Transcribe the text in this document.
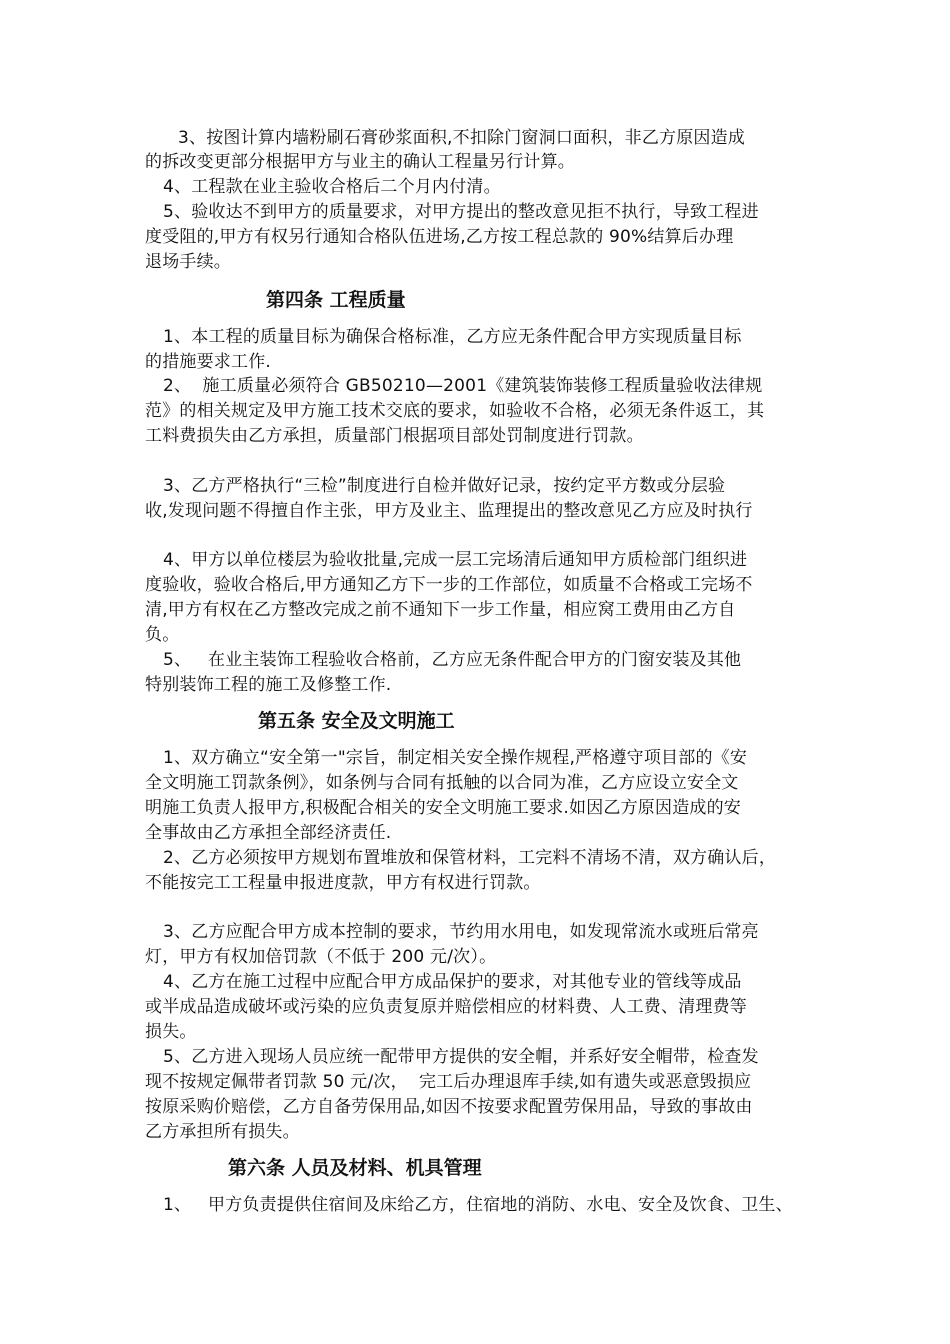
3、按图计算内墙粉刷石膏砂浆面积,不扣除门窗洞口面积，非乙方原因造成

的拆改变更部分根据甲方与业主的确认工程量另行计算。

4、工程款在业主验收合格后二个月内付清。

5、验收达不到甲方的质量要求，对甲方提出的整改意见拒不执行，导致工程进

度受阻的,甲方有权另行通知合格队伍进场,乙方按工程总款的 90%结算后办理

退场手续。

第四条 工程质量

1、本工程的质量目标为确保合格标准，乙方应无条件配合甲方实现质量目标

的措施要求工作.

2、  施工质量必须符合 GB50210—2001《建筑装饰装修工程质量验收法律规

范》的相关规定及甲方施工技术交底的要求，如验收不合格，必须无条件返工，其

工料费损失由乙方承担，质量部门根据项目部处罚制度进行罚款。

3、乙方严格执行“三检”制度进行自检并做好记录，按约定平方数或分层验

收,发现问题不得擅自作主张，甲方及业主、监理提出的整改意见乙方应及时执行

4、甲方以单位楼层为验收批量,完成一层工完场清后通知甲方质检部门组织进

度验收，验收合格后,甲方通知乙方下一步的工作部位，如质量不合格或工完场不

清,甲方有权在乙方整改完成之前不通知下一步工作量，相应窝工费用由乙方自

负。

5、   在业主装饰工程验收合格前，乙方应无条件配合甲方的门窗安装及其他

特别装饰工程的施工及修整工作.

第五条 安全及文明施工

1、双方确立“安全第一"宗旨，制定相关安全操作规程,严格遵守项目部的《安

全文明施工罚款条例》，如条例与合同有抵触的以合同为准，乙方应设立安全文

明施工负责人报甲方,积极配合相关的安全文明施工要求.如因乙方原因造成的安

全事故由乙方承担全部经济责任.

2、乙方必须按甲方规划布置堆放和保管材料，工完料不清场不清，双方确认后，

不能按完工工程量申报进度款，甲方有权进行罚款。

3、乙方应配合甲方成本控制的要求，节约用水用电，如发现常流水或班后常亮

灯，甲方有权加倍罚款（不低于 200 元/次）。

4、乙方在施工过程中应配合甲方成品保护的要求，对其他专业的管线等成品

或半成品造成破坏或污染的应负责复原并赔偿相应的材料费、人工费、清理费等

损失。

5、乙方进入现场人员应统一配带甲方提供的安全帽，并系好安全帽带，检查发

现不按规定佩带者罚款 50 元/次，  完工后办理退库手续,如有遗失或恶意毁损应

按原采购价赔偿，乙方自备劳保用品,如因不按要求配置劳保用品，导致的事故由

乙方承担所有损失。

第六条 人员及材料、机具管理

1、   甲方负责提供住宿间及床给乙方，住宿地的消防、水电、安全及饮食、卫生、
